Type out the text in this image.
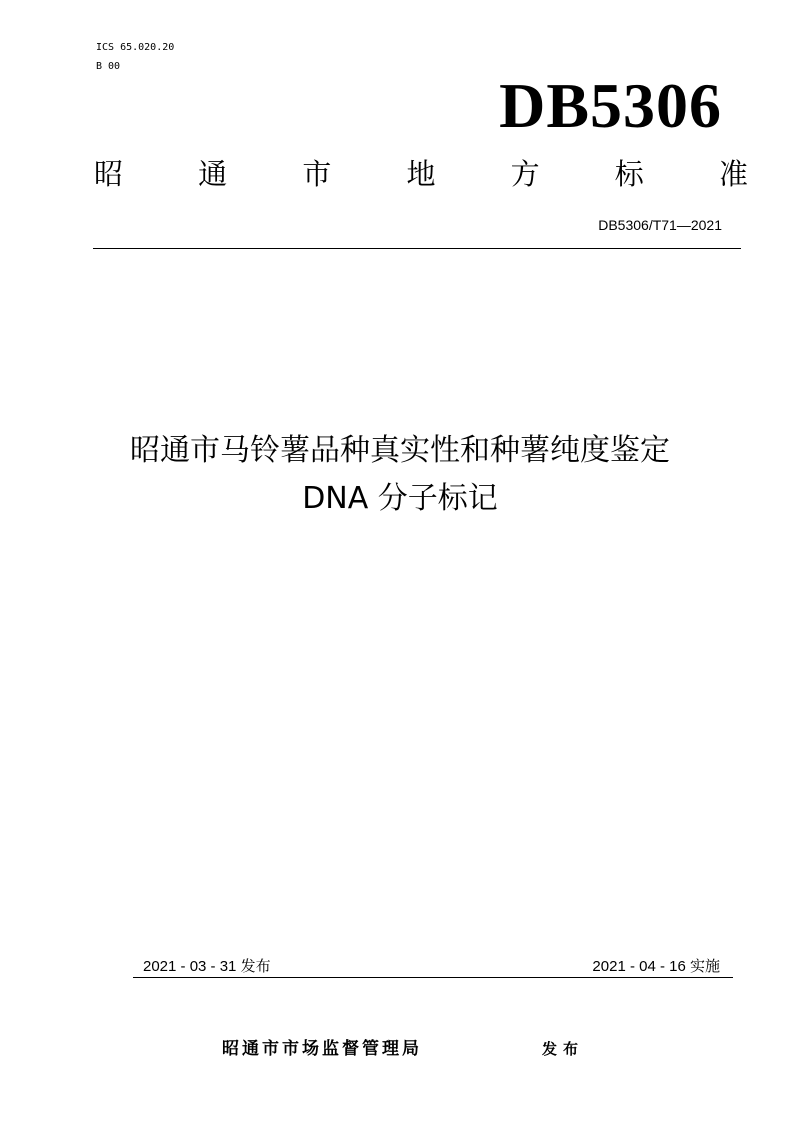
ICS 65.020.20
B 00
DB5306
昭	通	市	地	方	标	准
DB5306/T71—2021
昭通市马铃薯品种真实性和种薯纯度鉴定
DNA 分子标记
2021 - 03 - 31 发布	2021 - 04 - 16 实施
昭通市市场监督管理局	发布
